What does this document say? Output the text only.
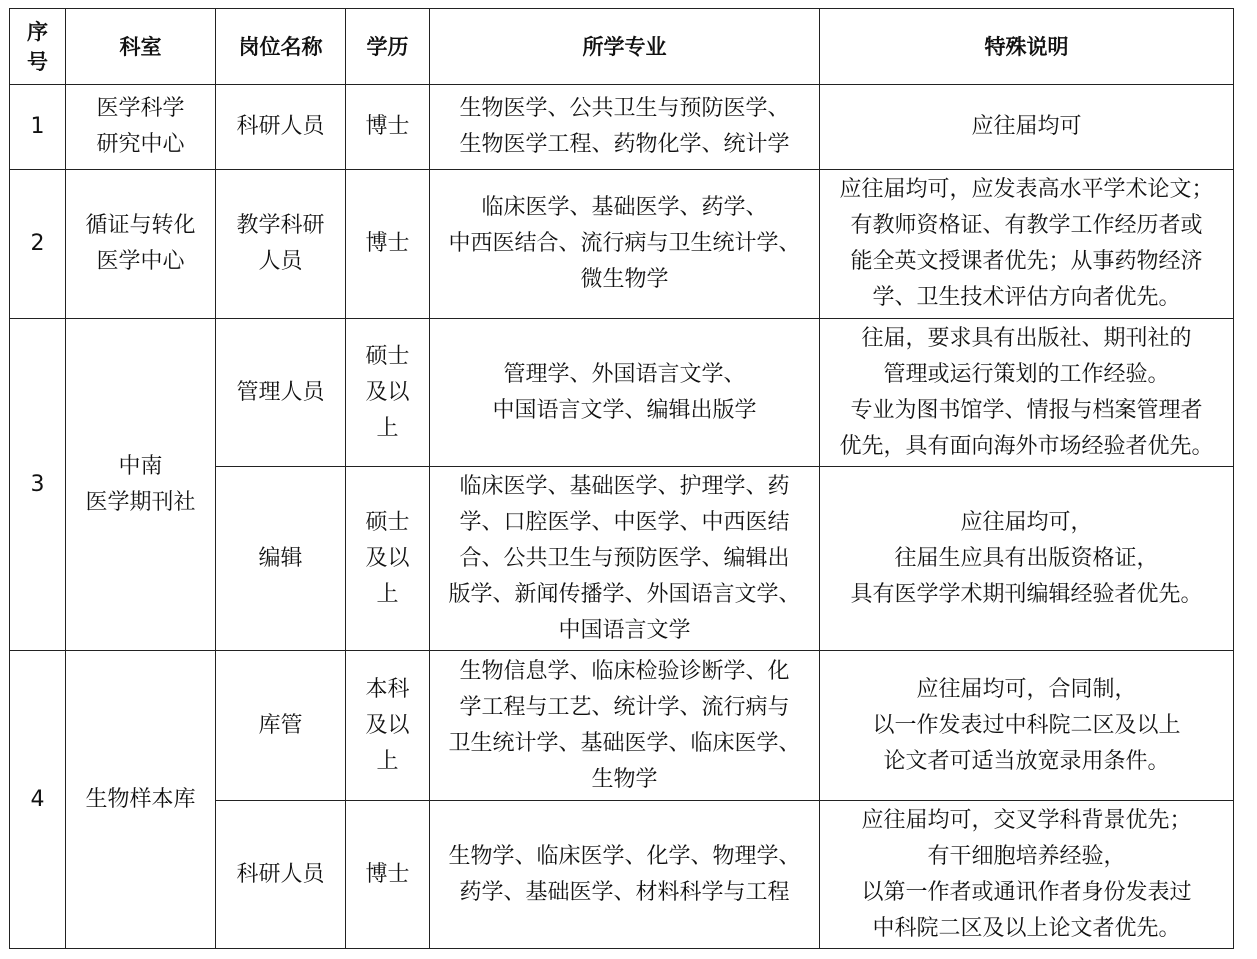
序
号	科室	岗位名称	学历	所学专业	特殊说明
1	医学科学
研究中心	科研人员	博士	生物医学、公共卫生与预防医学、
生物医学工程、药物化学、统计学	应往届均可

2	循证与转化
医学中心	教学科研
人员	博士	临床医学、基础医学、药学、
中西医结合、流行病与卫生统计学、
微生物学	应往届均可，应发表高水平学术论文；
有教师资格证、有教学工作经历者或
能全英文授课者优先；从事药物经济
学、卫生技术评估方向者优先。

3	中南
医学期刊社	管理人员	硕士
及以
上	管理学、外国语言文学、
中国语言文学、编辑出版学	往届，要求具有出版社、期刊社的
管理或运行策划的工作经验。
专业为图书馆学、情报与档案管理者
优先，具有面向海外市场经验者优先。

		编辑	硕士
及以
上	临床医学、基础医学、护理学、药
学、口腔医学、中医学、中西医结
合、公共卫生与预防医学、编辑出
版学、新闻传播学、外国语言文学、
中国语言文学	应往届均可，
往届生应具有出版资格证，
具有医学学术期刊编辑经验者优先。

4	生物样本库	库管	本科
及以
上	生物信息学、临床检验诊断学、化
学工程与工艺、统计学、流行病与
卫生统计学、基础医学、临床医学、
生物学	应往届均可，合同制，
以一作发表过中科院二区及以上
论文者可适当放宽录用条件。

		科研人员	博士	生物学、临床医学、化学、物理学、
药学、基础医学、材料科学与工程	应往届均可，交叉学科背景优先；
有干细胞培养经验，
以第一作者或通讯作者身份发表过
中科院二区及以上论文者优先。
